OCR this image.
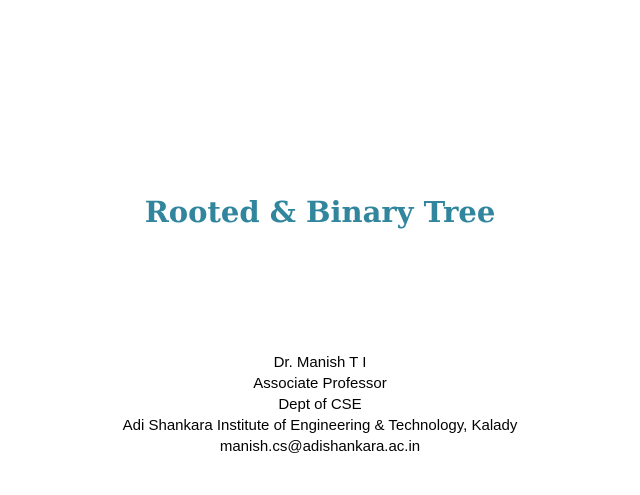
Rooted & Binary Tree
Dr. Manish T I
Associate Professor
Dept of CSE
Adi Shankara Institute of Engineering & Technology, Kalady
manish.cs@adishankara.ac.in
